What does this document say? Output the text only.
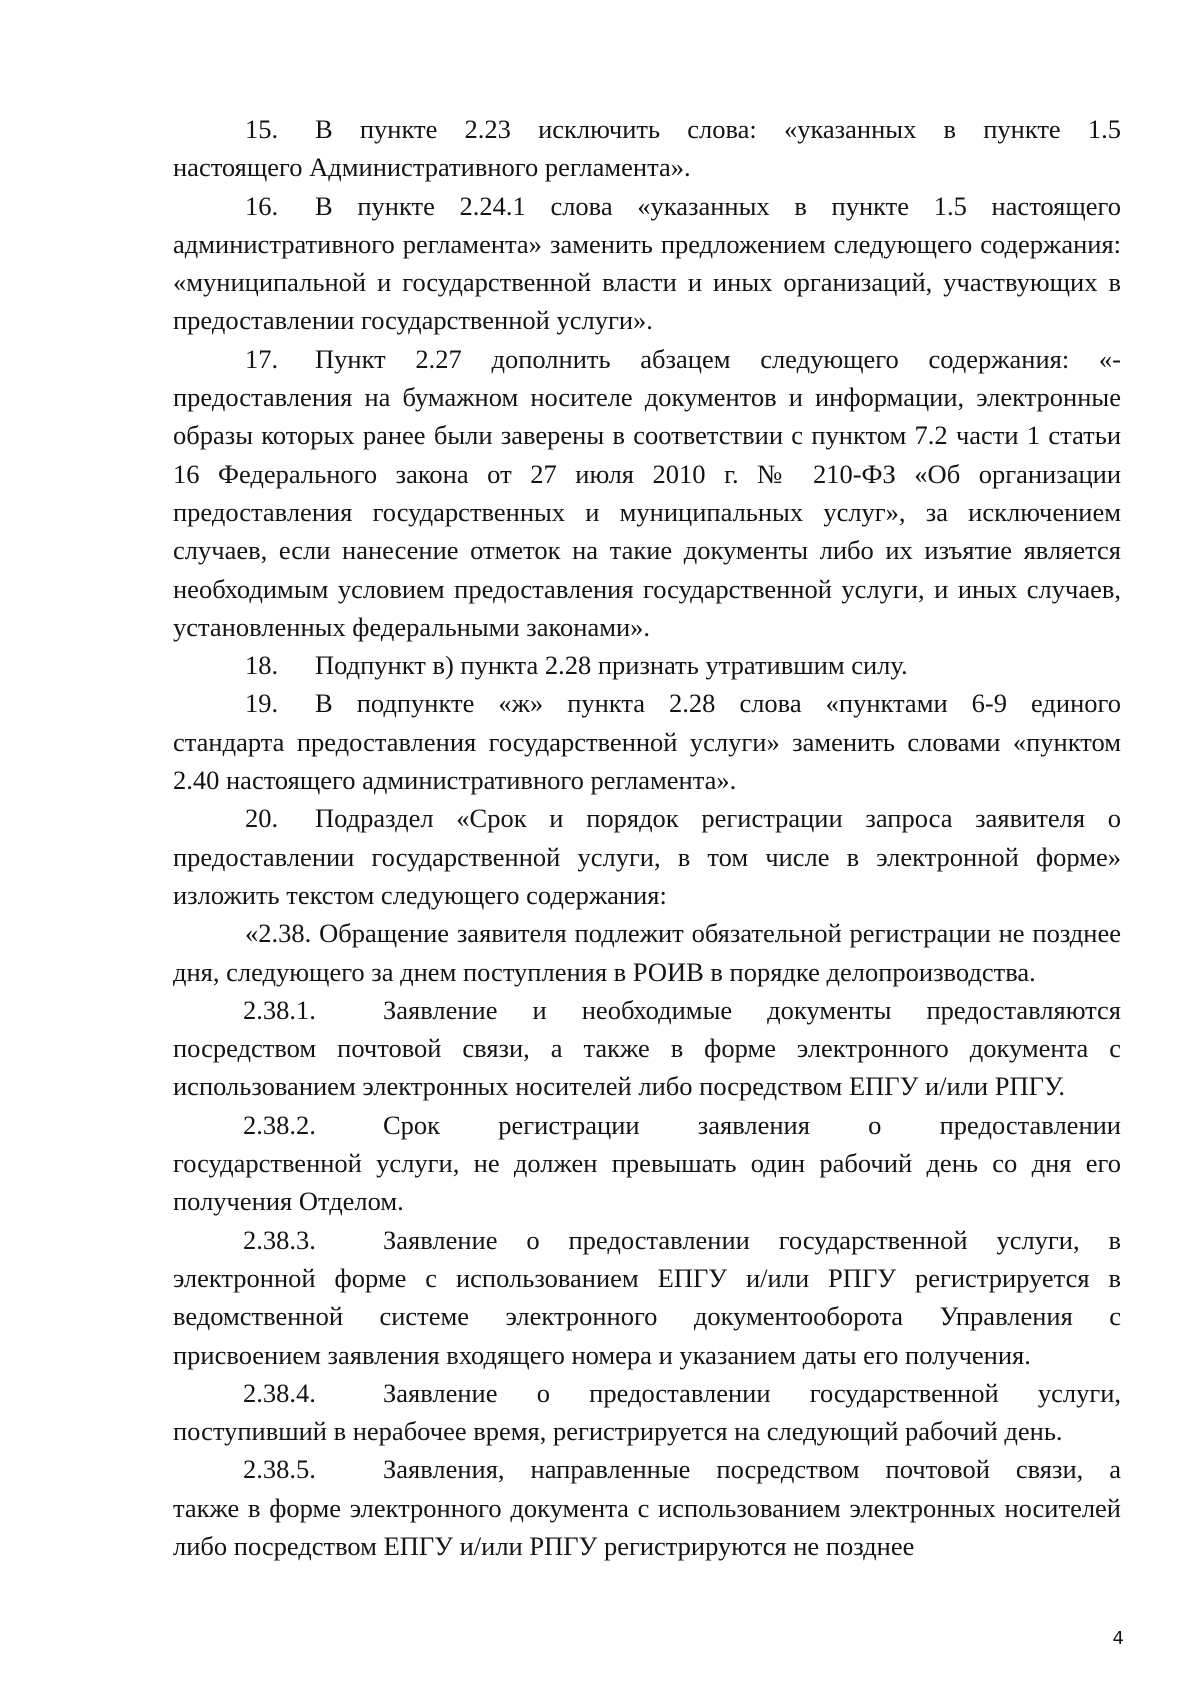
15. В пункте 2.23 исключить слова: «указанных в пункте 1.5
настоящего Административного регламента».
16. В пункте 2.24.1 слова «указанных в пункте 1.5 настоящего
административного регламента» заменить предложением следующего содержания: «муниципальной и государственной власти и иных организаций, участвующих в предоставлении государственной услуги».
17. Пункт 2.27 дополнить абзацем следующего содержания: «-
предоставления на бумажном носителе документов и информации, электронные образы которых ранее были заверены в соответствии с пунктом 7.2 части 1 статьи 16 Федерального закона от 27 июля 2010 г. № 210-ФЗ «Об организации предоставления государственных и муниципальных услуг», за исключением случаев, если нанесение отметок на такие документы либо их изъятие является необходимым условием предоставления государственной услуги, и иных случаев, установленных федеральными законами».
18. Подпункт в) пункта 2.28 признать утратившим силу.
19. В подпункте «ж» пункта 2.28 слова «пунктами 6-9 единого
стандарта предоставления государственной услуги» заменить словами «пунктом 2.40 настоящего административного регламента».
20. Подраздел «Срок и порядок регистрации запроса заявителя о
предоставлении государственной услуги, в том числе в электронной форме» изложить текстом следующего содержания:
«2.38. Обращение заявителя подлежит обязательной регистрации не позднее дня, следующего за днем поступления в РОИВ в порядке делопроизводства.
2.38.1.	Заявление и необходимые документы предоставляются
посредством почтовой связи, а также в форме электронного документа с использованием электронных носителей либо посредством ЕПГУ и/или РПГУ.
2.38.2.	Срок регистрации заявления о предоставлении
государственной услуги, не должен превышать один рабочий день со дня его получения Отделом.
2.38.3.	Заявление о предоставлении государственной услуги, в
электронной форме с использованием ЕПГУ и/или РПГУ регистрируется в ведомственной системе электронного документооборота Управления с присвоением заявления входящего номера и указанием даты его получения.
2.38.4.	Заявление о предоставлении государственной услуги,
поступивший в нерабочее время, регистрируется на следующий рабочий день.
2.38.5.	Заявления, направленные посредством почтовой связи, а
также в форме электронного документа с использованием электронных носителей либо посредством ЕПГУ и/или РПГУ регистрируются не позднее
4
